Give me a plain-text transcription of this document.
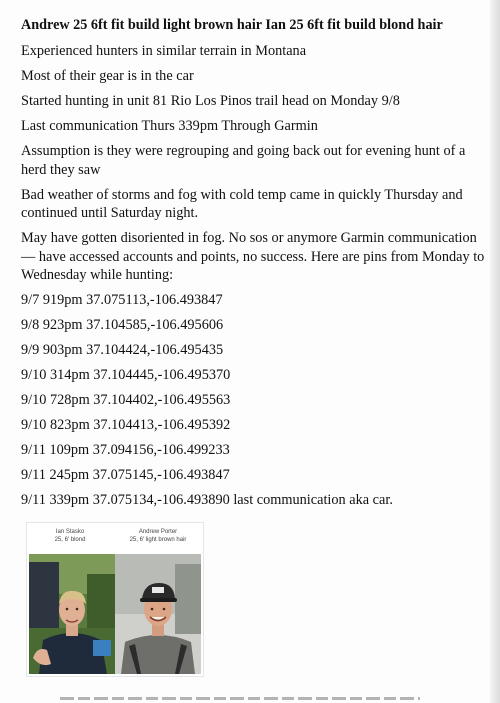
Andrew 25 6ft fit build light brown hair Ian 25 6ft fit build blond hair

Experienced hunters in similar terrain in Montana

Most of their gear is in the car

Started hunting in unit 81 Rio Los Pinos trail head on Monday 9/8

Last communication Thurs 339pm Through Garmin

Assumption is they were regrouping and going back out for evening hunt of a herd they saw

Bad weather of storms and fog with cold temp came in quickly Thursday and continued until Saturday night.

May have gotten disoriented in fog. No sos or anymore Garmin communication— have accessed accounts and points, no success. Here are pins from Monday to Wednesday while hunting:

9/7 919pm 37.075113,-106.493847

9/8 923pm 37.104585,-106.495606

9/9 903pm 37.104424,-106.495435

9/10 314pm 37.104445,-106.495370

9/10 728pm 37.104402,-106.495563

9/10 823pm 37.104413,-106.495392

9/11 109pm 37.094156,-106.499233

9/11 245pm 37.075145,-106.493847

9/11 339pm 37.075134,-106.493890 last communication aka car.

Ian Stasko
25, 6' blond
Andrew Porter
25, 6' light brown hair
